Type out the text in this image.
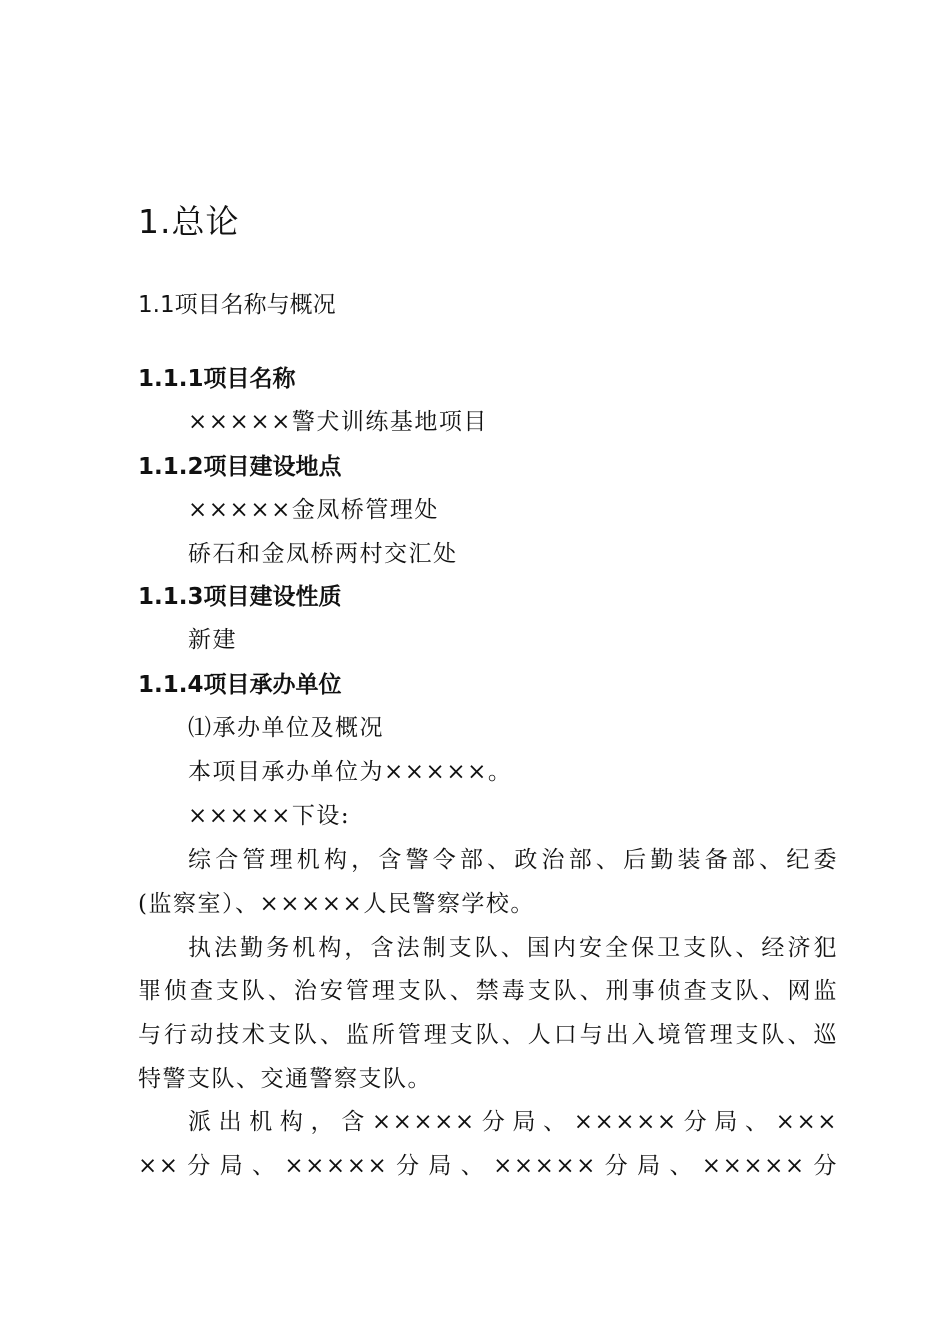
1.总论
1.1项目名称与概况
1.1.1项目名称
×××××警犬训练基地项目
1.1.2项目建设地点
×××××金凤桥管理处
硚石和金凤桥两村交汇处
1.1.3项目建设性质
新建
1.1.4项目承办单位
⑴承办单位及概况
本项目承办单位为×××××。
×××××下设:
综合管理机构，含警令部、政治部、后勤装备部、纪委
(监察室）、×××××人民警察学校。
执法勤务机构，含法制支队、国内安全保卫支队、经济犯
罪侦查支队、治安管理支队、禁毒支队、刑事侦查支队、网监
与行动技术支队、监所管理支队、人口与出入境管理支队、巡
特警支队、交通警察支队。
派出机构，含×××××分局、×××××分局、×××
××分局、×××××分局、×××××分局、×××××分
